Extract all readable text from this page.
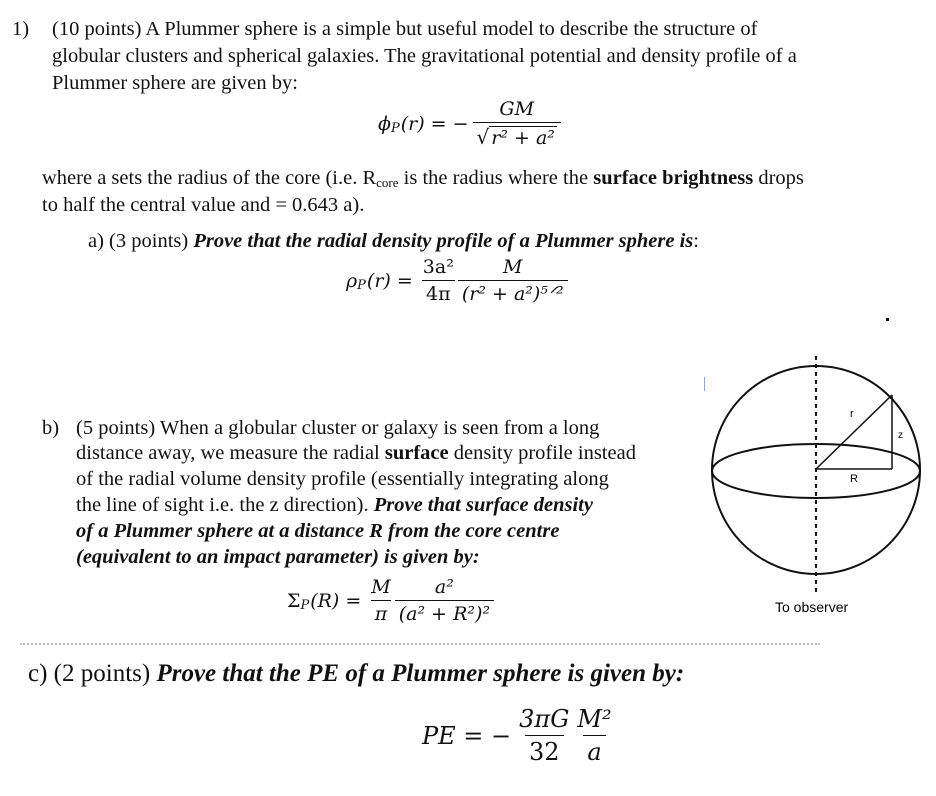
1) (10 points) A Plummer sphere is a simple but useful model to describe the structure of
globular clusters and spherical galaxies. The gravitational potential and density profile of a
Plummer sphere are given by:
ϕ P (r) = − $\frac{GM}{\text{√ r² + a²}}$
where a sets the radius of the core (i.e. $R_{core}$ is the radius where the surface brightness drops
to half the central value and = 0.643 a).
a) (3 points) Prove that the radial density profile of a Plummer sphere is:
ρ P $(r) = \frac{\text{3a²}}{4\pi} \frac{M}{\text{(r² + a²)⁵ᐟ²}}$
b) (5 points) When a globular cluster or galaxy is seen from a long
distance away, we measure the radial surface density profile instead
of the radial volume density profile (essentially integrating along
the line of sight i.e. the z direction). Prove that surface density
of a Plummer sphere at a distance R from the core centre
(equivalent to an impact parameter) is given by:
Σ P $(R) = \frac{M}{\pi} \frac{\text{a²}}{\text{(a² + R²)²}}$
r
z
R
To observer
c) (2 points) Prove that the PE of a Plummer sphere is given by:
PE = − $\frac{3\pi G}{32} \frac{\text{M²}}{a}$
